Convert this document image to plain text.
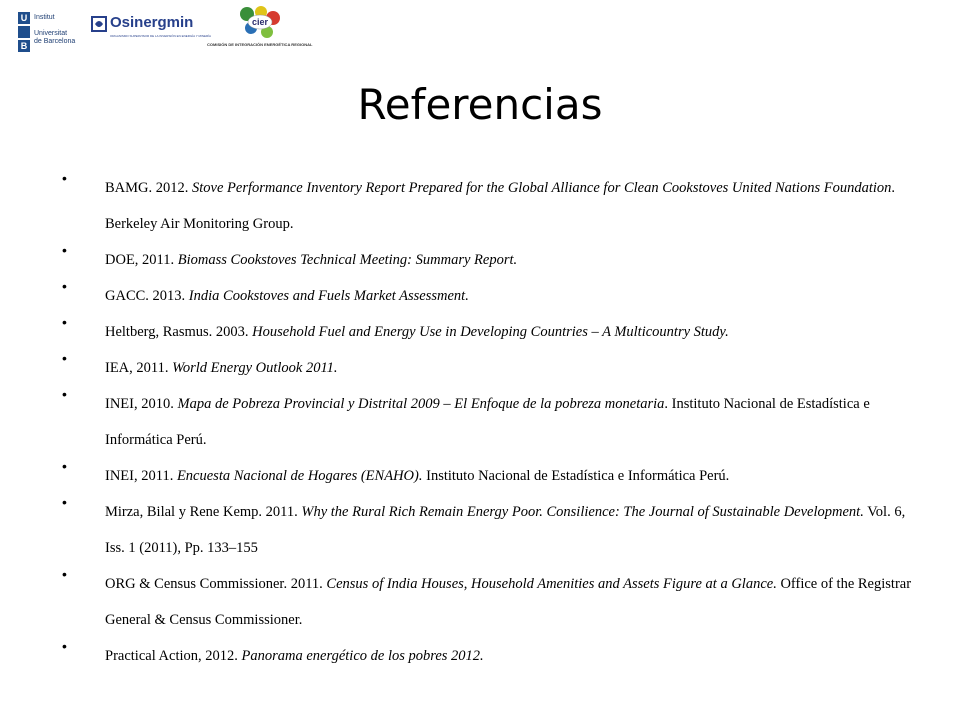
U
B
Institut
Universitat
de Barcelona
Osinergmin
ORGANISMO SUPERVISOR DE LA INVERSIÓN EN ENERGÍA Y MINERÍA
cier
COMISIÓN DE INTEGRACIÓN ENERGÉTICA REGIONAL
Referencias
•
BAMG. 2012. Stove Performance Inventory Report Prepared for the Global Alliance for Clean Cookstoves United Nations Foundation. Berkeley Air Monitoring Group.
•
DOE, 2011. Biomass Cookstoves Technical Meeting: Summary Report.
•
GACC. 2013. India Cookstoves and Fuels Market Assessment.
•
Heltberg, Rasmus. 2003. Household Fuel and Energy Use in Developing Countries – A Multicountry Study.
•
IEA, 2011. World Energy Outlook 2011.
•
INEI, 2010. Mapa de Pobreza Provincial y Distrital 2009 – El Enfoque de la pobreza monetaria. Instituto Nacional de Estadística e Informática Perú.
•
INEI, 2011. Encuesta Nacional de Hogares (ENAHO). Instituto Nacional de Estadística e Informática Perú.
•
Mirza, Bilal y Rene Kemp. 2011. Why the Rural Rich Remain Energy Poor. Consilience: The Journal of Sustainable Development. Vol. 6, Iss. 1 (2011), Pp. 133–155
•
ORG & Census Commissioner. 2011. Census of India Houses, Household Amenities and Assets Figure at a Glance. Office of the Registrar General & Census Commissioner.
•
Practical Action, 2012. Panorama energético de los pobres 2012.
